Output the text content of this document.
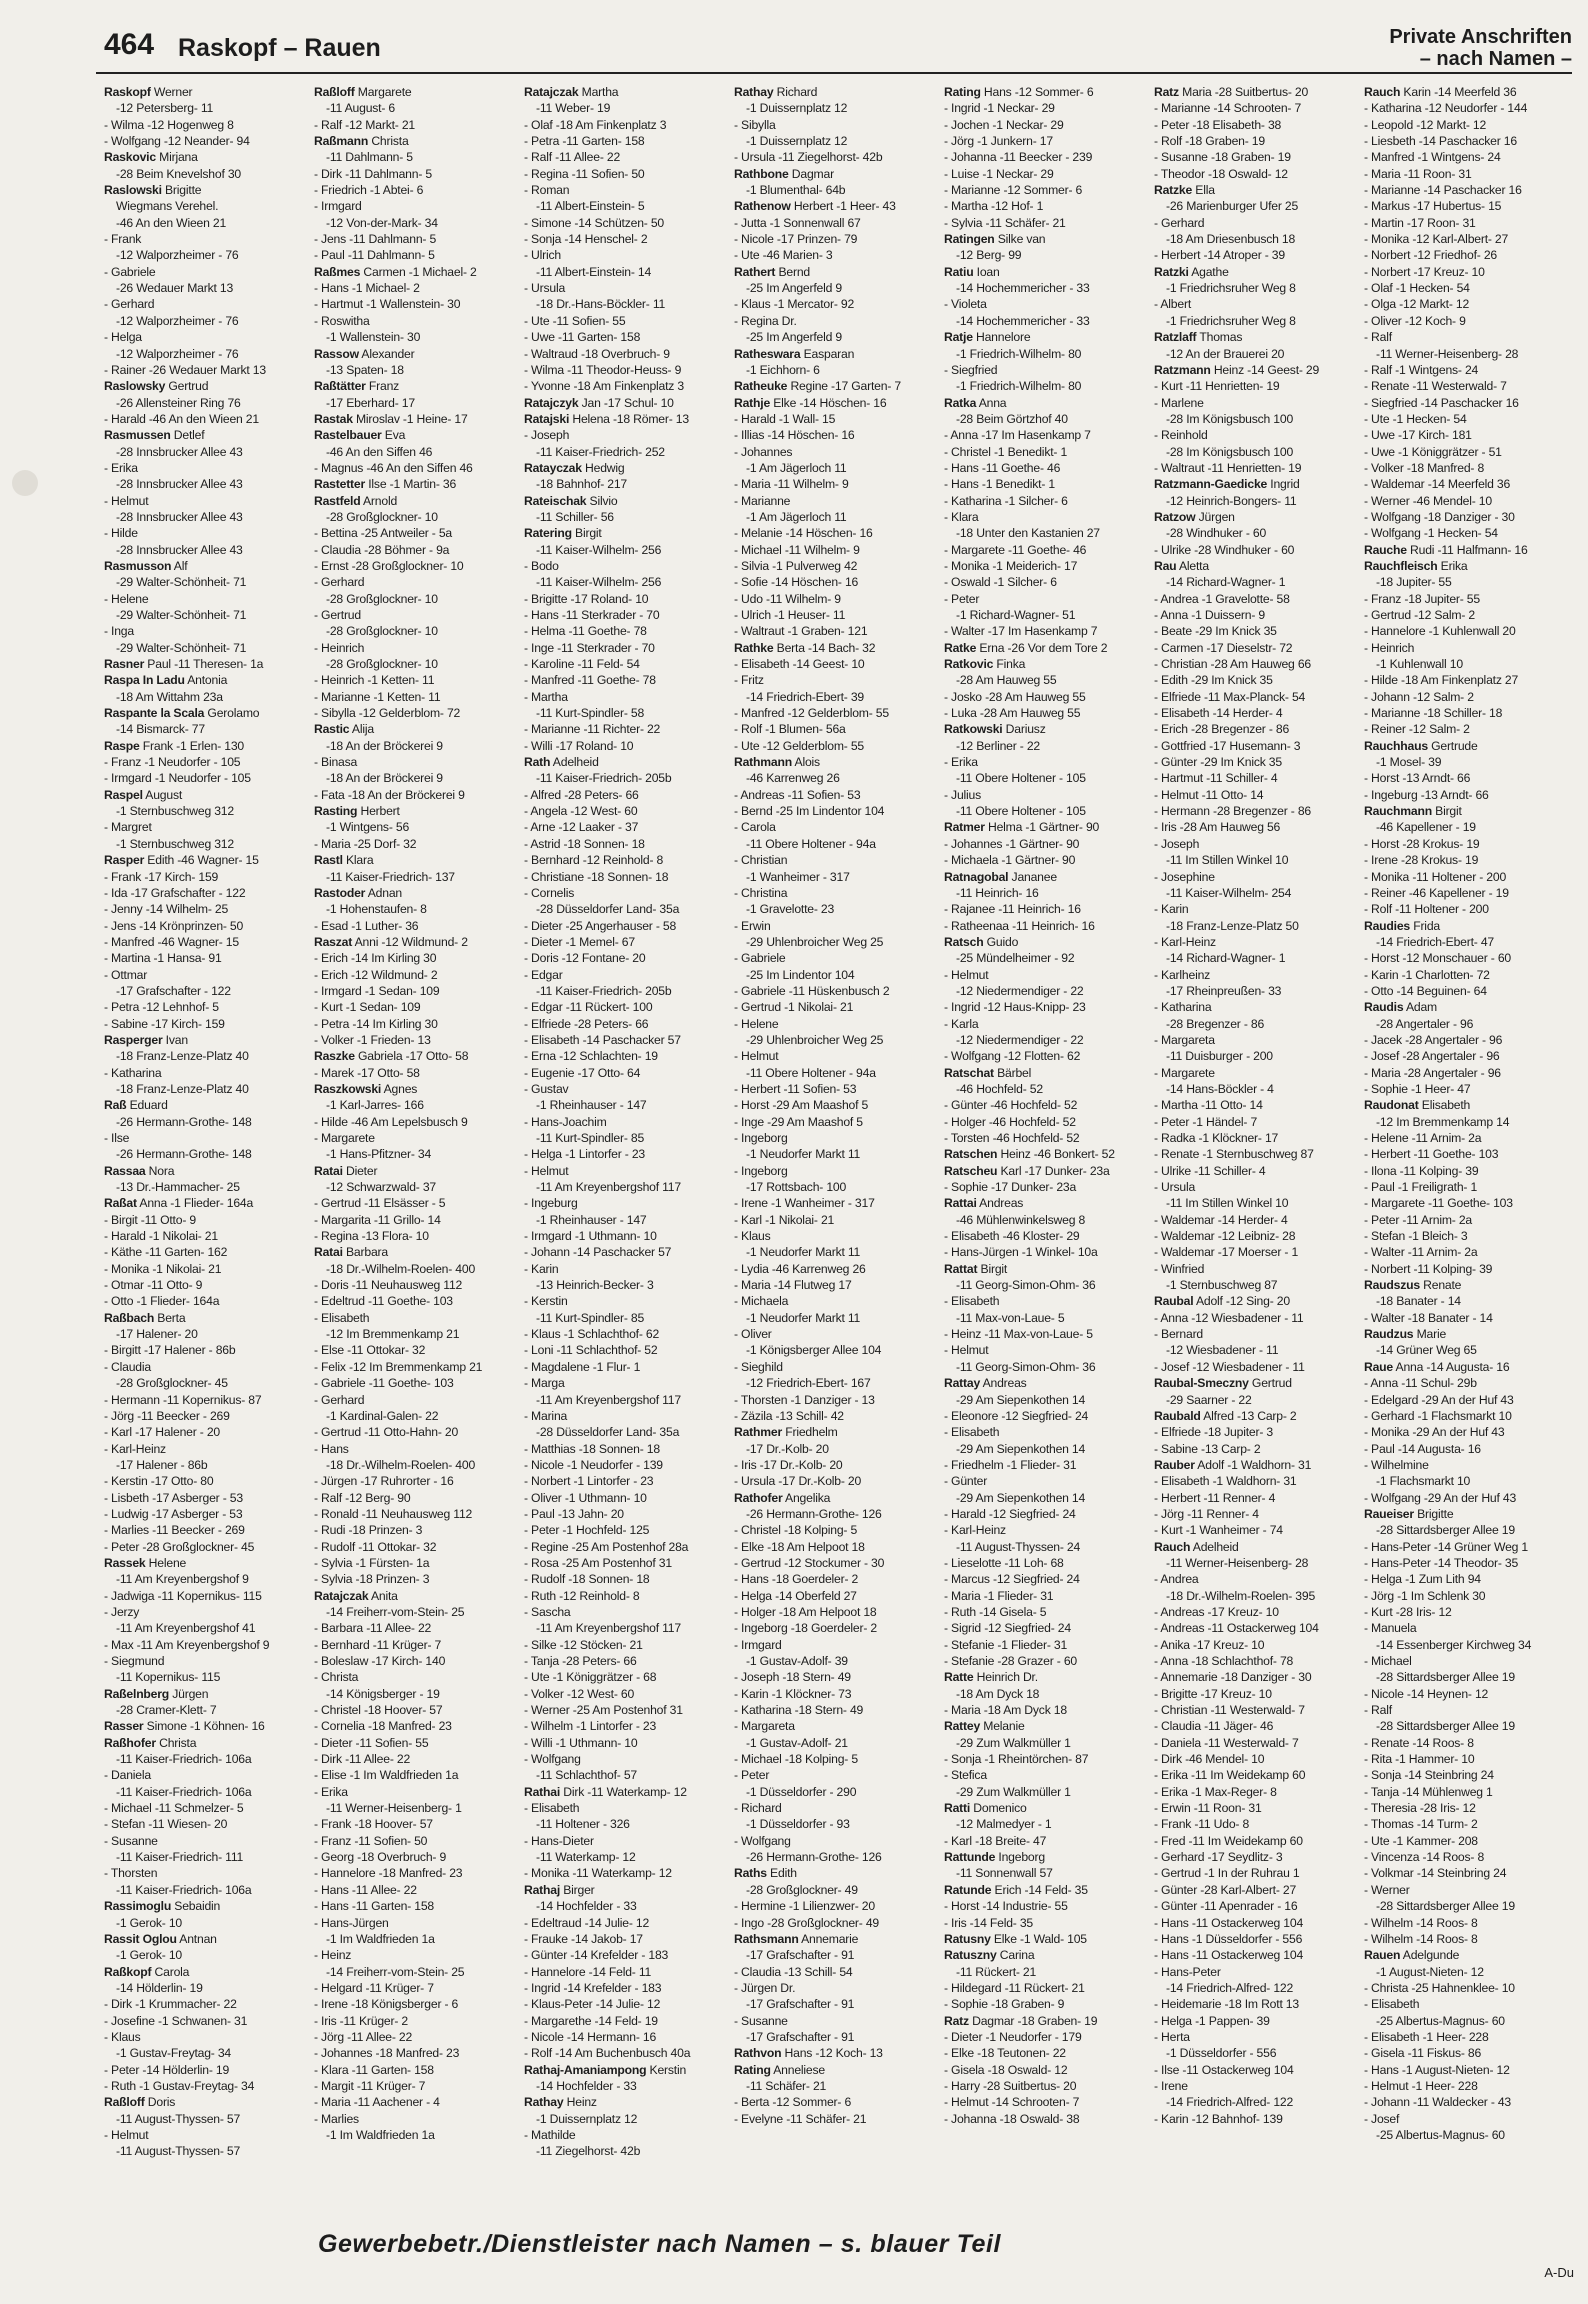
464 Raskopf – Rauen	Private Anschriften
– nach Namen –
Raskopf Werner
-12 Petersberg- 11
- Wilma -12 Hogenweg 8
- Wolfgang -12 Neander- 94
Raskovic Mirjana
-28 Beim Knevelshof 30
Raslowski Brigitte
Wiegmans Verehel.
-46 An den Wieen 21
- Frank
-12 Walporzheimer - 76
- Gabriele
-26 Wedauer Markt 13
- Gerhard
-12 Walporzheimer - 76
- Helga
-12 Walporzheimer - 76
- Rainer -26 Wedauer Markt 13
Raslowsky Gertrud
-26 Allensteiner Ring 76
- Harald -46 An den Wieen 21
Rasmussen Detlef
-28 Innsbrucker Allee 43
- Erika
-28 Innsbrucker Allee 43
- Helmut
-28 Innsbrucker Allee 43
- Hilde
-28 Innsbrucker Allee 43
Rasmusson Alf
-29 Walter-Schönheit- 71
- Helene
-29 Walter-Schönheit- 71
- Inga
-29 Walter-Schönheit- 71
Rasner Paul -11 Theresen- 1a
Raspa In Ladu Antonia
-18 Am Wittahm 23a
Raspante la Scala Gerolamo
-14 Bismarck- 77
Raspe Frank -1 Erlen- 130
- Franz -1 Neudorfer - 105
- Irmgard -1 Neudorfer - 105
Raspel August
-1 Sternbuschweg 312
- Margret
-1 Sternbuschweg 312
Rasper Edith -46 Wagner- 15
- Frank -17 Kirch- 159
- Ida -17 Grafschafter - 122
- Jenny -14 Wilhelm- 25
- Jens -14 Krönprinzen- 50
- Manfred -46 Wagner- 15
- Martina -1 Hansa- 91
- Ottmar
-17 Grafschafter - 122
- Petra -12 Lehnhof- 5
- Sabine -17 Kirch- 159
Rasperger Ivan
-18 Franz-Lenze-Platz 40
- Katharina
-18 Franz-Lenze-Platz 40
Raß Eduard
-26 Hermann-Grothe- 148
- Ilse
-26 Hermann-Grothe- 148
Rassaa Nora
-13 Dr.-Hammacher- 25
Raßat Anna -1 Flieder- 164a
- Birgit -11 Otto- 9
- Harald -1 Nikolai- 21
- Käthe -11 Garten- 162
- Monika -1 Nikolai- 21
- Otmar -11 Otto- 9
- Otto -1 Flieder- 164a
Raßbach Berta
-17 Halener- 20
- Birgitt -17 Halener - 86b
- Claudia
-28 Großglockner- 45
- Hermann -11 Kopernikus- 87
- Jörg -11 Beecker - 269
- Karl -17 Halener - 20
- Karl-Heinz
-17 Halener - 86b
- Kerstin -17 Otto- 80
- Lisbeth -17 Asberger - 53
- Ludwig -17 Asberger - 53
- Marlies -11 Beecker - 269
- Peter -28 Großglockner- 45
Rassek Helene
-11 Am Kreyenbergshof 9
- Jadwiga -11 Kopernikus- 115
- Jerzy
-11 Am Kreyenbergshof 41
- Max -11 Am Kreyenbergshof 9
- Siegmund
-11 Kopernikus- 115
Raßelnberg Jürgen
-28 Cramer-Klett- 7
Rasser Simone -1 Köhnen- 16
Raßhofer Christa
-11 Kaiser-Friedrich- 106a
- Daniela
-11 Kaiser-Friedrich- 106a
- Michael -11 Schmelzer- 5
- Stefan -11 Wiesen- 20
- Susanne
-11 Kaiser-Friedrich- 111
- Thorsten
-11 Kaiser-Friedrich- 106a
Rassimoglu Sebaidin
-1 Gerok- 10
Rassit Oglou Antnan
-1 Gerok- 10
Raßkopf Carola
-14 Hölderlin- 19
- Dirk -1 Krummacher- 22
- Josefine -1 Schwanen- 31
- Klaus
-1 Gustav-Freytag- 34
- Peter -14 Hölderlin- 19
- Ruth -1 Gustav-Freytag- 34
Raßloff Doris
-11 August-Thyssen- 57
- Helmut
-11 August-Thyssen- 57
Raßloff Margarete
-11 August- 6
- Ralf -12 Markt- 21
Raßmann Christa
-11 Dahlmann- 5
- Dirk -11 Dahlmann- 5
- Friedrich -1 Abtei- 6
- Irmgard
-12 Von-der-Mark- 34
- Jens -11 Dahlmann- 5
- Paul -11 Dahlmann- 5
Raßmes Carmen -1 Michael- 2
- Hans -1 Michael- 2
- Hartmut -1 Wallenstein- 30
- Roswitha
-1 Wallenstein- 30
Rassow Alexander
-13 Spaten- 18
Raßtätter Franz
-17 Eberhard- 17
Rastak Miroslav -1 Heine- 17
Rastelbauer Eva
-46 An den Siffen 46
- Magnus -46 An den Siffen 46
Rastetter Ilse -1 Martin- 36
Rastfeld Arnold
-28 Großglockner- 10
- Bettina -25 Antweiler - 5a
- Claudia -28 Böhmer - 9a
- Ernst -28 Großglockner- 10
- Gerhard
-28 Großglockner- 10
- Gertrud
-28 Großglockner- 10
- Heinrich
-28 Großglockner- 10
- Heinrich -1 Ketten- 11
- Marianne -1 Ketten- 11
- Sibylla -12 Gelderblom- 72
Rastic Alija
-18 An der Bröckerei 9
- Binasa
-18 An der Bröckerei 9
- Fata -18 An der Bröckerei 9
Rasting Herbert
-1 Wintgens- 56
- Maria -25 Dorf- 32
Rastl Klara
-11 Kaiser-Friedrich- 137
Rastoder Adnan
-1 Hohenstaufen- 8
- Esad -1 Luther- 36
Raszat Anni -12 Wildmund- 2
- Erich -14 Im Kirling 30
- Erich -12 Wildmund- 2
- Irmgard -1 Sedan- 109
- Kurt -1 Sedan- 109
- Petra -14 Im Kirling 30
- Volker -1 Frieden- 13
Raszke Gabriela -17 Otto- 58
- Marek -17 Otto- 58
Raszkowski Agnes
-1 Karl-Jarres- 166
- Hilde -46 Am Lepelsbusch 9
- Margarete
-1 Hans-Pfitzner- 34
Ratai Dieter
-12 Schwarzwald- 37
- Gertrud -11 Elsässer - 5
- Margarita -11 Grillo- 14
- Regina -13 Flora- 10
Ratai Barbara
-18 Dr.-Wilhelm-Roelen- 400
- Doris -11 Neuhausweg 112
- Edeltrud -11 Goethe- 103
- Elisabeth
-12 Im Bremmenkamp 21
- Else -11 Ottokar- 32
- Felix -12 Im Bremmenkamp 21
- Gabriele -11 Goethe- 103
- Gerhard
-1 Kardinal-Galen- 22
- Gertrud -11 Otto-Hahn- 20
- Hans
-18 Dr.-Wilhelm-Roelen- 400
- Jürgen -17 Ruhrorter - 16
- Ralf -12 Berg- 90
- Ronald -11 Neuhausweg 112
- Rudi -18 Prinzen- 3
- Rudolf -11 Ottokar- 32
- Sylvia -1 Fürsten- 1a
- Sylvia -18 Prinzen- 3
Ratajczak Anita
-14 Freiherr-vom-Stein- 25
- Barbara -11 Allee- 22
- Bernhard -11 Krüger- 7
- Boleslaw -17 Kirch- 140
- Christa
-14 Königsberger - 19
- Christel -18 Hoover- 57
- Cornelia -18 Manfred- 23
- Dieter -11 Sofien- 55
- Dirk -11 Allee- 22
- Elise -1 Im Waldfrieden 1a
- Erika
-11 Werner-Heisenberg- 1
- Frank -18 Hoover- 57
- Franz -11 Sofien- 50
- Georg -18 Overbruch- 9
- Hannelore -18 Manfred- 23
- Hans -11 Allee- 22
- Hans -11 Garten- 158
- Hans-Jürgen
-1 Im Waldfrieden 1a
- Heinz
-14 Freiherr-vom-Stein- 25
- Helgard -11 Krüger- 7
- Irene -18 Königsberger - 6
- Iris -11 Krüger- 2
- Jörg -11 Allee- 22
- Johannes -18 Manfred- 23
- Klara -11 Garten- 158
- Margit -11 Krüger- 7
- Maria -11 Aachener - 4
- Marlies
-1 Im Waldfrieden 1a
Ratajczak Martha
-11 Weber- 19
- Olaf -18 Am Finkenplatz 3
- Petra -11 Garten- 158
- Ralf -11 Allee- 22
- Regina -11 Sofien- 50
- Roman
-11 Albert-Einstein- 5
- Simone -14 Schützen- 50
- Sonja -14 Henschel- 2
- Ulrich
-11 Albert-Einstein- 14
- Ursula
-18 Dr.-Hans-Böckler- 11
- Ute -11 Sofien- 55
- Uwe -11 Garten- 158
- Waltraud -18 Overbruch- 9
- Wilma -11 Theodor-Heuss- 9
- Yvonne -18 Am Finkenplatz 3
Ratajczyk Jan -17 Schul- 10
Ratajski Helena -18 Römer- 13
- Joseph
-11 Kaiser-Friedrich- 252
Ratayczak Hedwig
-18 Bahnhof- 217
Rateischak Silvio
-11 Schiller- 56
Ratering Birgit
-11 Kaiser-Wilhelm- 256
- Bodo
-11 Kaiser-Wilhelm- 256
- Brigitte -17 Roland- 10
- Hans -11 Sterkrader - 70
- Helma -11 Goethe- 78
- Inge -11 Sterkrader - 70
- Karoline -11 Feld- 54
- Manfred -11 Goethe- 78
- Martha
-11 Kurt-Spindler- 58
- Marianne -11 Richter- 22
- Willi -17 Roland- 10
Rath Adelheid
-11 Kaiser-Friedrich- 205b
- Alfred -28 Peters- 66
- Angela -12 West- 60
- Arne -12 Laaker - 37
- Astrid -18 Sonnen- 18
- Bernhard -12 Reinhold- 8
- Christiane -18 Sonnen- 18
- Cornelis
-28 Düsseldorfer Land- 35a
- Dieter -25 Angerhauser - 58
- Dieter -1 Memel- 67
- Doris -12 Fontane- 20
- Edgar
-11 Kaiser-Friedrich- 205b
- Edgar -11 Rückert- 100
- Elfriede -28 Peters- 66
- Elisabeth -14 Paschacker 57
- Erna -12 Schlachten- 19
- Eugenie -17 Otto- 64
- Gustav
-1 Rheinhauser - 147
- Hans-Joachim
-11 Kurt-Spindler- 85
- Helga -1 Lintorfer - 23
- Helmut
-11 Am Kreyenbergshof 117
- Ingeburg
-1 Rheinhauser - 147
- Irmgard -1 Uthmann- 10
- Johann -14 Paschacker 57
- Karin
-13 Heinrich-Becker- 3
- Kerstin
-11 Kurt-Spindler- 85
- Klaus -1 Schlachthof- 62
- Loni -11 Schlachthof- 52
- Magdalene -1 Flur- 1
- Marga
-11 Am Kreyenbergshof 117
- Marina
-28 Düsseldorfer Land- 35a
- Matthias -18 Sonnen- 18
- Nicole -1 Neudorfer - 139
- Norbert -1 Lintorfer - 23
- Oliver -1 Uthmann- 10
- Paul -13 Jahn- 20
- Peter -1 Hochfeld- 125
- Regine -25 Am Postenhof 28a
- Rosa -25 Am Postenhof 31
- Rudolf -18 Sonnen- 18
- Ruth -12 Reinhold- 8
- Sascha
-11 Am Kreyenbergshof 117
- Silke -12 Stöcken- 21
- Tanja -28 Peters- 66
- Ute -1 Königgrätzer - 68
- Volker -12 West- 60
- Werner -25 Am Postenhof 31
- Wilhelm -1 Lintorfer - 23
- Willi -1 Uthmann- 10
- Wolfgang
-11 Schlachthof- 57
Rathai Dirk -11 Waterkamp- 12
- Elisabeth
-11 Holtener - 326
- Hans-Dieter
-11 Waterkamp- 12
- Monika -11 Waterkamp- 12
Rathaj Birger
-14 Hochfelder - 33
- Edeltraud -14 Julie- 12
- Frauke -14 Jakob- 17
- Günter -14 Krefelder - 183
- Hannelore -14 Feld- 11
- Ingrid -14 Krefelder - 183
- Klaus-Peter -14 Julie- 12
- Margarethe -14 Feld- 19
- Nicole -14 Hermann- 16
- Rolf -14 Am Buchenbusch 40a
Rathaj-Amaniampong Kerstin
-14 Hochfelder - 33
Rathay Heinz
-1 Duissernplatz 12
- Mathilde
-11 Ziegelhorst- 42b
Rathay Richard
-1 Duissernplatz 12
- Sibylla
-1 Duissernplatz 12
- Ursula -11 Ziegelhorst- 42b
Rathbone Dagmar
-1 Blumenthal- 64b
Rathenow Herbert -1 Heer- 43
- Jutta -1 Sonnenwall 67
- Nicole -17 Prinzen- 79
- Ute -46 Marien- 3
Rathert Bernd
-25 Im Angerfeld 9
- Klaus -1 Mercator- 92
- Regina Dr.
-25 Im Angerfeld 9
Ratheswara Easparan
-1 Eichhorn- 6
Ratheuke Regine -17 Garten- 7
Rathje Elke -14 Höschen- 16
- Harald -1 Wall- 15
- Illias -14 Höschen- 16
- Johannes
-1 Am Jägerloch 11
- Maria -11 Wilhelm- 9
- Marianne
-1 Am Jägerloch 11
- Melanie -14 Höschen- 16
- Michael -11 Wilhelm- 9
- Silvia -1 Pulverweg 42
- Sofie -14 Höschen- 16
- Udo -11 Wilhelm- 9
- Ulrich -1 Heuser- 11
- Waltraut -1 Graben- 121
Rathke Berta -14 Bach- 32
- Elisabeth -14 Geest- 10
- Fritz
-14 Friedrich-Ebert- 39
- Manfred -12 Gelderblom- 55
- Rolf -1 Blumen- 56a
- Ute -12 Gelderblom- 55
Rathmann Alois
-46 Karrenweg 26
- Andreas -11 Sofien- 53
- Bernd -25 Im Lindentor 104
- Carola
-11 Obere Holtener - 94a
- Christian
-1 Wanheimer - 317
- Christina
-1 Gravelotte- 23
- Erwin
-29 Uhlenbroicher Weg 25
- Gabriele
-25 Im Lindentor 104
- Gabriele -11 Hüskenbusch 2
- Gertrud -1 Nikolai- 21
- Helene
-29 Uhlenbroicher Weg 25
- Helmut
-11 Obere Holtener - 94a
- Herbert -11 Sofien- 53
- Horst -29 Am Maashof 5
- Inge -29 Am Maashof 5
- Ingeborg
-1 Neudorfer Markt 11
- Ingeborg
-17 Rottsbach- 100
- Irene -1 Wanheimer - 317
- Karl -1 Nikolai- 21
- Klaus
-1 Neudorfer Markt 11
- Lydia -46 Karrenweg 26
- Maria -14 Flutweg 17
- Michaela
-1 Neudorfer Markt 11
- Oliver
-1 Königsberger Allee 104
- Sieghild
-12 Friedrich-Ebert- 167
- Thorsten -1 Danziger - 13
- Zäzila -13 Schill- 42
Rathmer Friedhelm
-17 Dr.-Kolb- 20
- Iris -17 Dr.-Kolb- 20
- Ursula -17 Dr.-Kolb- 20
Rathofer Angelika
-26 Hermann-Grothe- 126
- Christel -18 Kolping- 5
- Elke -18 Am Helpoot 18
- Gertrud -12 Stockumer - 30
- Hans -18 Goerdeler- 2
- Helga -14 Oberfeld 27
- Holger -18 Am Helpoot 18
- Ingeborg -18 Goerdeler- 2
- Irmgard
-1 Gustav-Adolf- 39
- Joseph -18 Stern- 49
- Karin -1 Klöckner- 73
- Katharina -18 Stern- 49
- Margareta
-1 Gustav-Adolf- 21
- Michael -18 Kolping- 5
- Peter
-1 Düsseldorfer - 290
- Richard
-1 Düsseldorfer - 93
- Wolfgang
-26 Hermann-Grothe- 126
Raths Edith
-28 Großglockner- 49
- Hermine -1 Lilienzwer- 20
- Ingo -28 Großglockner- 49
Rathsmann Annemarie
-17 Grafschafter - 91
- Claudia -13 Schill- 54
- Jürgen Dr.
-17 Grafschafter - 91
- Susanne
-17 Grafschafter - 91
Rathvon Hans -12 Koch- 13
Rating Anneliese
-11 Schäfer- 21
- Berta -12 Sommer- 6
- Evelyne -11 Schäfer- 21
Rating Hans -12 Sommer- 6
- Ingrid -1 Neckar- 29
- Jochen -1 Neckar- 29
- Jörg -1 Junkern- 17
- Johanna -11 Beecker - 239
- Luise -1 Neckar- 29
- Marianne -12 Sommer- 6
- Martha -12 Hof- 1
- Sylvia -11 Schäfer- 21
Ratingen Silke van
-12 Berg- 99
Ratiu Ioan
-14 Hochemmericher - 33
- Violeta
-14 Hochemmericher - 33
Ratje Hannelore
-1 Friedrich-Wilhelm- 80
- Siegfried
-1 Friedrich-Wilhelm- 80
Ratka Anna
-28 Beim Görtzhof 40
- Anna -17 Im Hasenkamp 7
- Christel -1 Benedikt- 1
- Hans -11 Goethe- 46
- Hans -1 Benedikt- 1
- Katharina -1 Silcher- 6
- Klara
-18 Unter den Kastanien 27
- Margarete -11 Goethe- 46
- Monika -1 Meiderich- 17
- Oswald -1 Silcher- 6
- Peter
-1 Richard-Wagner- 51
- Walter -17 Im Hasenkamp 7
Ratke Erna -26 Vor dem Tore 2
Ratkovic Finka
-28 Am Hauweg 55
- Josko -28 Am Hauweg 55
- Luka -28 Am Hauweg 55
Ratkowski Dariusz
-12 Berliner - 22
- Erika
-11 Obere Holtener - 105
- Julius
-11 Obere Holtener - 105
Ratmer Helma -1 Gärtner- 90
- Johannes -1 Gärtner- 90
- Michaela -1 Gärtner- 90
Ratnagobal Jananee
-11 Heinrich- 16
- Rajanee -11 Heinrich- 16
- Ratheenaa -11 Heinrich- 16
Ratsch Guido
-25 Mündelheimer - 92
- Helmut
-12 Niedermendiger - 22
- Ingrid -12 Haus-Knipp- 23
- Karla
-12 Niedermendiger - 22
- Wolfgang -12 Flotten- 62
Ratschat Bärbel
-46 Hochfeld- 52
- Günter -46 Hochfeld- 52
- Holger -46 Hochfeld- 52
- Torsten -46 Hochfeld- 52
Ratschen Heinz -46 Bonkert- 52
Ratscheu Karl -17 Dunker- 23a
- Sophie -17 Dunker- 23a
Rattai Andreas
-46 Mühlenwinkelsweg 8
- Elisabeth -46 Kloster- 29
- Hans-Jürgen -1 Winkel- 10a
Rattat Birgit
-11 Georg-Simon-Ohm- 36
- Elisabeth
-11 Max-von-Laue- 5
- Heinz -11 Max-von-Laue- 5
- Helmut
-11 Georg-Simon-Ohm- 36
Rattay Andreas
-29 Am Siepenkothen 14
- Eleonore -12 Siegfried- 24
- Elisabeth
-29 Am Siepenkothen 14
- Friedhelm -1 Flieder- 31
- Günter
-29 Am Siepenkothen 14
- Harald -12 Siegfried- 24
- Karl-Heinz
-11 August-Thyssen- 24
- Lieselotte -11 Loh- 68
- Marcus -12 Siegfried- 24
- Maria -1 Flieder- 31
- Ruth -14 Gisela- 5
- Sigrid -12 Siegfried- 24
- Stefanie -1 Flieder- 31
- Stefanie -28 Grazer - 60
Ratte Heinrich Dr.
-18 Am Dyck 18
- Maria -18 Am Dyck 18
Rattey Melanie
-29 Zum Walkmüller 1
- Sonja -1 Rheintörchen- 87
- Stefica
-29 Zum Walkmüller 1
Ratti Domenico
-12 Malmedyer - 1
- Karl -18 Breite- 47
Rattunde Ingeborg
-11 Sonnenwall 57
Ratunde Erich -14 Feld- 35
- Horst -14 Industrie- 55
- Iris -14 Feld- 35
Ratusny Elke -1 Wald- 105
Ratuszny Carina
-11 Rückert- 21
- Hildegard -11 Rückert- 21
- Sophie -18 Graben- 9
Ratz Dagmar -18 Graben- 19
- Dieter -1 Neudorfer - 179
- Elke -18 Teutonen- 22
- Gisela -18 Oswald- 12
- Harry -28 Suitbertus- 20
- Helmut -14 Schrooten- 7
- Johanna -18 Oswald- 38
Ratz Maria -28 Suitbertus- 20
- Marianne -14 Schrooten- 7
- Peter -18 Elisabeth- 38
- Rolf -18 Graben- 19
- Susanne -18 Graben- 19
- Theodor -18 Oswald- 12
Ratzke Ella
-26 Marienburger Ufer 25
- Gerhard
-18 Am Driesenbusch 18
- Herbert -14 Atroper - 39
Ratzki Agathe
-1 Friedrichsruher Weg 8
- Albert
-1 Friedrichsruher Weg 8
Ratzlaff Thomas
-12 An der Brauerei 20
Ratzmann Heinz -14 Geest- 29
- Kurt -11 Henrietten- 19
- Marlene
-28 Im Königsbusch 100
- Reinhold
-28 Im Königsbusch 100
- Waltraut -11 Henrietten- 19
Ratzmann-Gaedicke Ingrid
-12 Heinrich-Bongers- 11
Ratzow Jürgen
-28 Windhuker - 60
- Ulrike -28 Windhuker - 60
Rau Aletta
-14 Richard-Wagner- 1
- Andrea -1 Gravelotte- 58
- Anna -1 Duissern- 9
- Beate -29 Im Knick 35
- Carmen -17 Dieselstr- 72
- Christian -28 Am Hauweg 66
- Edith -29 Im Knick 35
- Elfriede -11 Max-Planck- 54
- Elisabeth -14 Herder- 4
- Erich -28 Bregenzer - 86
- Gottfried -17 Husemann- 3
- Günter -29 Im Knick 35
- Hartmut -11 Schiller- 4
- Helmut -11 Otto- 14
- Hermann -28 Bregenzer - 86
- Iris -28 Am Hauweg 56
- Joseph
-11 Im Stillen Winkel 10
- Josephine
-11 Kaiser-Wilhelm- 254
- Karin
-18 Franz-Lenze-Platz 50
- Karl-Heinz
-14 Richard-Wagner- 1
- Karlheinz
-17 Rheinpreußen- 33
- Katharina
-28 Bregenzer - 86
- Margareta
-11 Duisburger - 200
- Margarete
-14 Hans-Böckler - 4
- Martha -11 Otto- 14
- Peter -1 Händel- 7
- Radka -1 Klöckner- 17
- Renate -1 Sternbuschweg 87
- Ulrike -11 Schiller- 4
- Ursula
-11 Im Stillen Winkel 10
- Waldemar -14 Herder- 4
- Waldemar -12 Leibniz- 28
- Waldemar -17 Moerser - 1
- Winfried
-1 Sternbuschweg 87
Raubal Adolf -12 Sing- 20
- Anna -12 Wiesbadener - 11
- Bernard
-12 Wiesbadener - 11
- Josef -12 Wiesbadener - 11
Raubal-Smeczny Gertrud
-29 Saarner - 22
Raubald Alfred -13 Carp- 2
- Elfriede -18 Jupiter- 3
- Sabine -13 Carp- 2
Rauber Adolf -1 Waldhorn- 31
- Elisabeth -1 Waldhorn- 31
- Herbert -11 Renner- 4
- Jörg -11 Renner- 4
- Kurt -1 Wanheimer - 74
Rauch Adelheid
-11 Werner-Heisenberg- 28
- Andrea
-18 Dr.-Wilhelm-Roelen- 395
- Andreas -17 Kreuz- 10
- Andreas -11 Ostackerweg 104
- Anika -17 Kreuz- 10
- Anna -18 Schlachthof- 78
- Annemarie -18 Danziger - 30
- Brigitte -17 Kreuz- 10
- Christian -11 Westerwald- 7
- Claudia -11 Jäger- 46
- Daniela -11 Westerwald- 7
- Dirk -46 Mendel- 10
- Erika -11 Im Weidekamp 60
- Erika -1 Max-Reger- 8
- Erwin -11 Roon- 31
- Frank -11 Udo- 8
- Fred -11 Im Weidekamp 60
- Gerhard -17 Seydlitz- 3
- Gertrud -1 In der Ruhrau 1
- Günter -28 Karl-Albert- 27
- Günter -11 Apenrader - 16
- Hans -11 Ostackerweg 104
- Hans -1 Düsseldorfer - 556
- Hans -11 Ostackerweg 104
- Hans-Peter
-14 Friedrich-Alfred- 122
- Heidemarie -18 Im Rott 13
- Helga -1 Pappen- 39
- Herta
-1 Düsseldorfer - 556
- Ilse -11 Ostackerweg 104
- Irene
-14 Friedrich-Alfred- 122
- Karin -12 Bahnhof- 139
Rauch Karin -14 Meerfeld 36
- Katharina -12 Neudorfer - 144
- Leopold -12 Markt- 12
- Liesbeth -14 Paschacker 16
- Manfred -1 Wintgens- 24
- Maria -11 Roon- 31
- Marianne -14 Paschacker 16
- Markus -17 Hubertus- 15
- Martin -17 Roon- 31
- Monika -12 Karl-Albert- 27
- Norbert -12 Friedhof- 26
- Norbert -17 Kreuz- 10
- Olaf -1 Hecken- 54
- Olga -12 Markt- 12
- Oliver -12 Koch- 9
- Ralf
-11 Werner-Heisenberg- 28
- Ralf -1 Wintgens- 24
- Renate -11 Westerwald- 7
- Siegfried -14 Paschacker 16
- Ute -1 Hecken- 54
- Uwe -17 Kirch- 181
- Uwe -1 Königgrätzer - 51
- Volker -18 Manfred- 8
- Waldemar -14 Meerfeld 36
- Werner -46 Mendel- 10
- Wolfgang -18 Danziger - 30
- Wolfgang -1 Hecken- 54
Rauche Rudi -11 Halfmann- 16
Rauchfleisch Erika
-18 Jupiter- 55
- Franz -18 Jupiter- 55
- Gertrud -12 Salm- 2
- Hannelore -1 Kuhlenwall 20
- Heinrich
-1 Kuhlenwall 10
- Hilde -18 Am Finkenplatz 27
- Johann -12 Salm- 2
- Marianne -18 Schiller- 18
- Reiner -12 Salm- 2
Rauchhaus Gertrude
-1 Mosel- 39
- Horst -13 Arndt- 66
- Ingeburg -13 Arndt- 66
Rauchmann Birgit
-46 Kapellener - 19
- Horst -28 Krokus- 19
- Irene -28 Krokus- 19
- Monika -11 Holtener - 200
- Reiner -46 Kapellener - 19
- Rolf -11 Holtener - 200
Raudies Frida
-14 Friedrich-Ebert- 47
- Horst -12 Monschauer - 60
- Karin -1 Charlotten- 72
- Otto -14 Beguinen- 64
Raudis Adam
-28 Angertaler - 96
- Jacek -28 Angertaler - 96
- Josef -28 Angertaler - 96
- Maria -28 Angertaler - 96
- Sophie -1 Heer- 47
Raudonat Elisabeth
-12 Im Bremmenkamp 14
- Helene -11 Arnim- 2a
- Herbert -11 Goethe- 103
- Ilona -11 Kolping- 39
- Paul -1 Freiligrath- 1
- Margarete -11 Goethe- 103
- Peter -11 Arnim- 2a
- Stefan -1 Bleich- 3
- Walter -11 Arnim- 2a
- Norbert -11 Kolping- 39
Raudszus Renate
-18 Banater - 14
- Walter -18 Banater - 14
Raudzus Marie
-14 Grüner Weg 65
Raue Anna -14 Augusta- 16
- Anna -11 Schul- 29b
- Edelgard -29 An der Huf 43
- Gerhard -1 Flachsmarkt 10
- Monika -29 An der Huf 43
- Paul -14 Augusta- 16
- Wilhelmine
-1 Flachsmarkt 10
- Wolfgang -29 An der Huf 43
Raueiser Brigitte
-28 Sittardsberger Allee 19
- Hans-Peter -14 Grüner Weg 1
- Hans-Peter -14 Theodor- 35
- Helga -1 Zum Lith 94
- Jörg -1 Im Schlenk 30
- Kurt -28 Iris- 12
- Manuela
-14 Essenberger Kirchweg 34
- Michael
-28 Sittardsberger Allee 19
- Nicole -14 Heynen- 12
- Ralf
-28 Sittardsberger Allee 19
- Renate -14 Roos- 8
- Rita -1 Hammer- 10
- Sonja -14 Steinbring 24
- Tanja -14 Mühlenweg 1
- Theresia -28 Iris- 12
- Thomas -14 Turm- 2
- Ute -1 Kammer- 208
- Vincenza -14 Roos- 8
- Volkmar -14 Steinbring 24
- Werner
-28 Sittardsberger Allee 19
- Wilhelm -14 Roos- 8
- Wilhelm -14 Roos- 8
Rauen Adelgunde
-1 August-Nieten- 12
- Christa -25 Hahnenklee- 10
- Elisabeth
-25 Albertus-Magnus- 60
- Elisabeth -1 Heer- 228
- Gisela -11 Fiskus- 86
- Hans -1 August-Nieten- 12
- Helmut -1 Heer- 228
- Johann -11 Waldecker - 43
- Josef
-25 Albertus-Magnus- 60
Gewerbebetr./Dienstleister nach Namen – s. blauer Teil
A-Du
